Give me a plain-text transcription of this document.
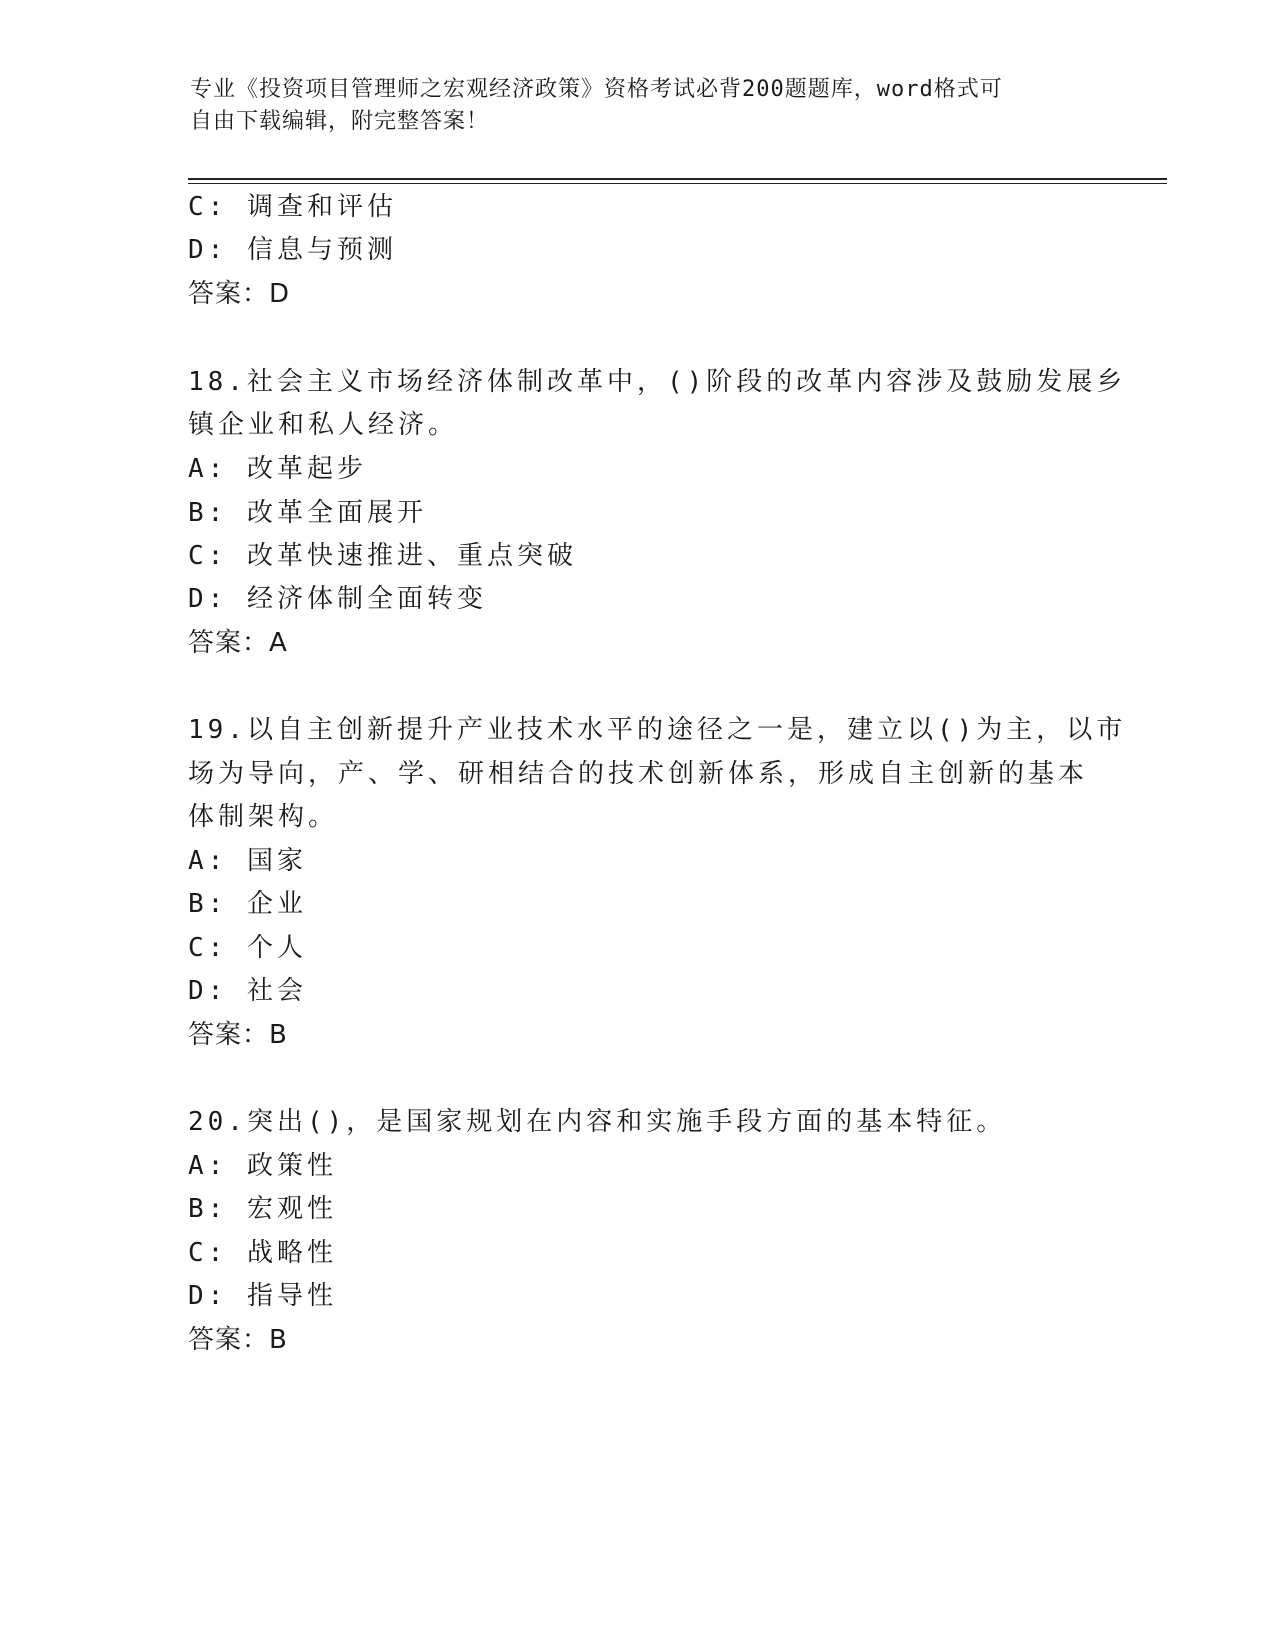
专业《投资项目管理师之宏观经济政策》资格考试必背200题题库，word格式可
自由下载编辑，附完整答案！
C: 调查和评估
D: 信息与预测
答案：D
18.社会主义市场经济体制改革中，()阶段的改革内容涉及鼓励发展乡
镇企业和私人经济。
A: 改革起步
B: 改革全面展开
C: 改革快速推进、重点突破
D: 经济体制全面转变
答案：A
19.以自主创新提升产业技术水平的途径之一是，建立以()为主，以市
场为导向，产、学、研相结合的技术创新体系，形成自主创新的基本
体制架构。
A: 国家
B: 企业
C: 个人
D: 社会
答案：B
20.突出()，是国家规划在内容和实施手段方面的基本特征。
A: 政策性
B: 宏观性
C: 战略性
D: 指导性
答案：B
